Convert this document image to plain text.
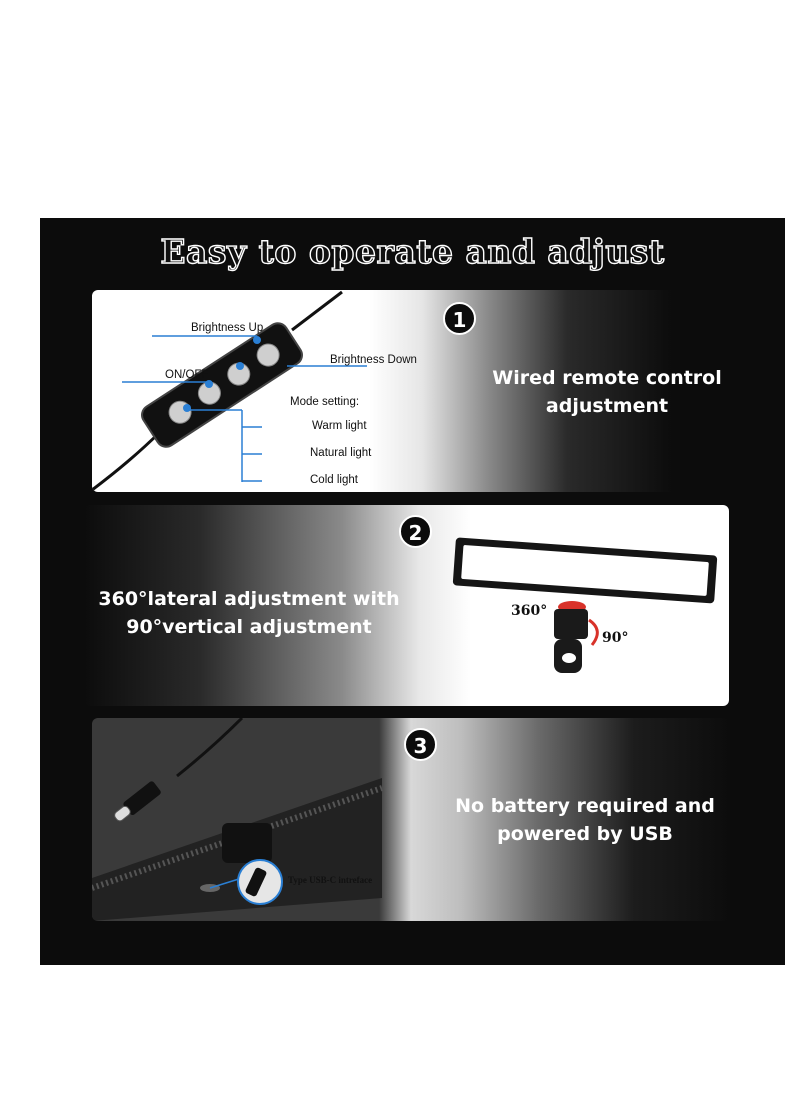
Easy to operate and adjust
Brightness Up
Brightness Down
ON/OFF
Mode setting:
Warm light
Natural light
Cold light
1
Wired remote control
adjustment
360°
90°
2
360°lateral adjustment with
90°vertical adjustment
Type USB-C intreface
3
No battery required and
powered by USB
